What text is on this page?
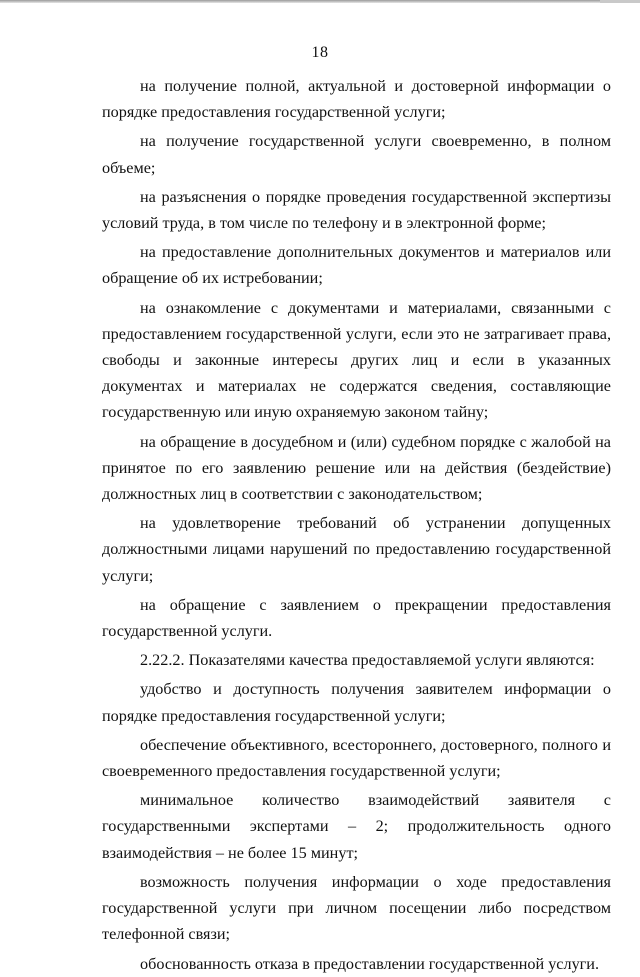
18

на получение полной, актуальной и достоверной информации о порядке предоставления государственной услуги;

на получение государственной услуги своевременно, в полном объеме;

на разъяснения о порядке проведения государственной экспертизы условий труда, в том числе по телефону и в электронной форме;

на предоставление дополнительных документов и материалов или обращение об их истребовании;

на ознакомление с документами и материалами, связанными с предоставлением государственной услуги, если это не затрагивает права, свободы и законные интересы других лиц и если в указанных документах и материалах не содержатся сведения, составляющие государственную или иную охраняемую законом тайну;

на обращение в досудебном и (или) судебном порядке с жалобой на принятое по его заявлению решение или на действия (бездействие) должностных лиц в соответствии с законодательством;

на удовлетворение требований об устранении допущенных должностными лицами нарушений по предоставлению государственной услуги;

на обращение с заявлением о прекращении предоставления государственной услуги.

2.22.2. Показателями качества предоставляемой услуги являются:

удобство и доступность получения заявителем информации о порядке предоставления государственной услуги;

обеспечение объективного, всестороннего, достоверного, полного и своевременного предоставления государственной услуги;

минимальное количество взаимодействий заявителя с государственными экспертами – 2; продолжительность одного взаимодействия – не более 15 минут;

возможность получения информации о ходе предоставления государственной услуги при личном посещении либо посредством телефонной связи;

обоснованность отказа в предоставлении государственной услуги.
